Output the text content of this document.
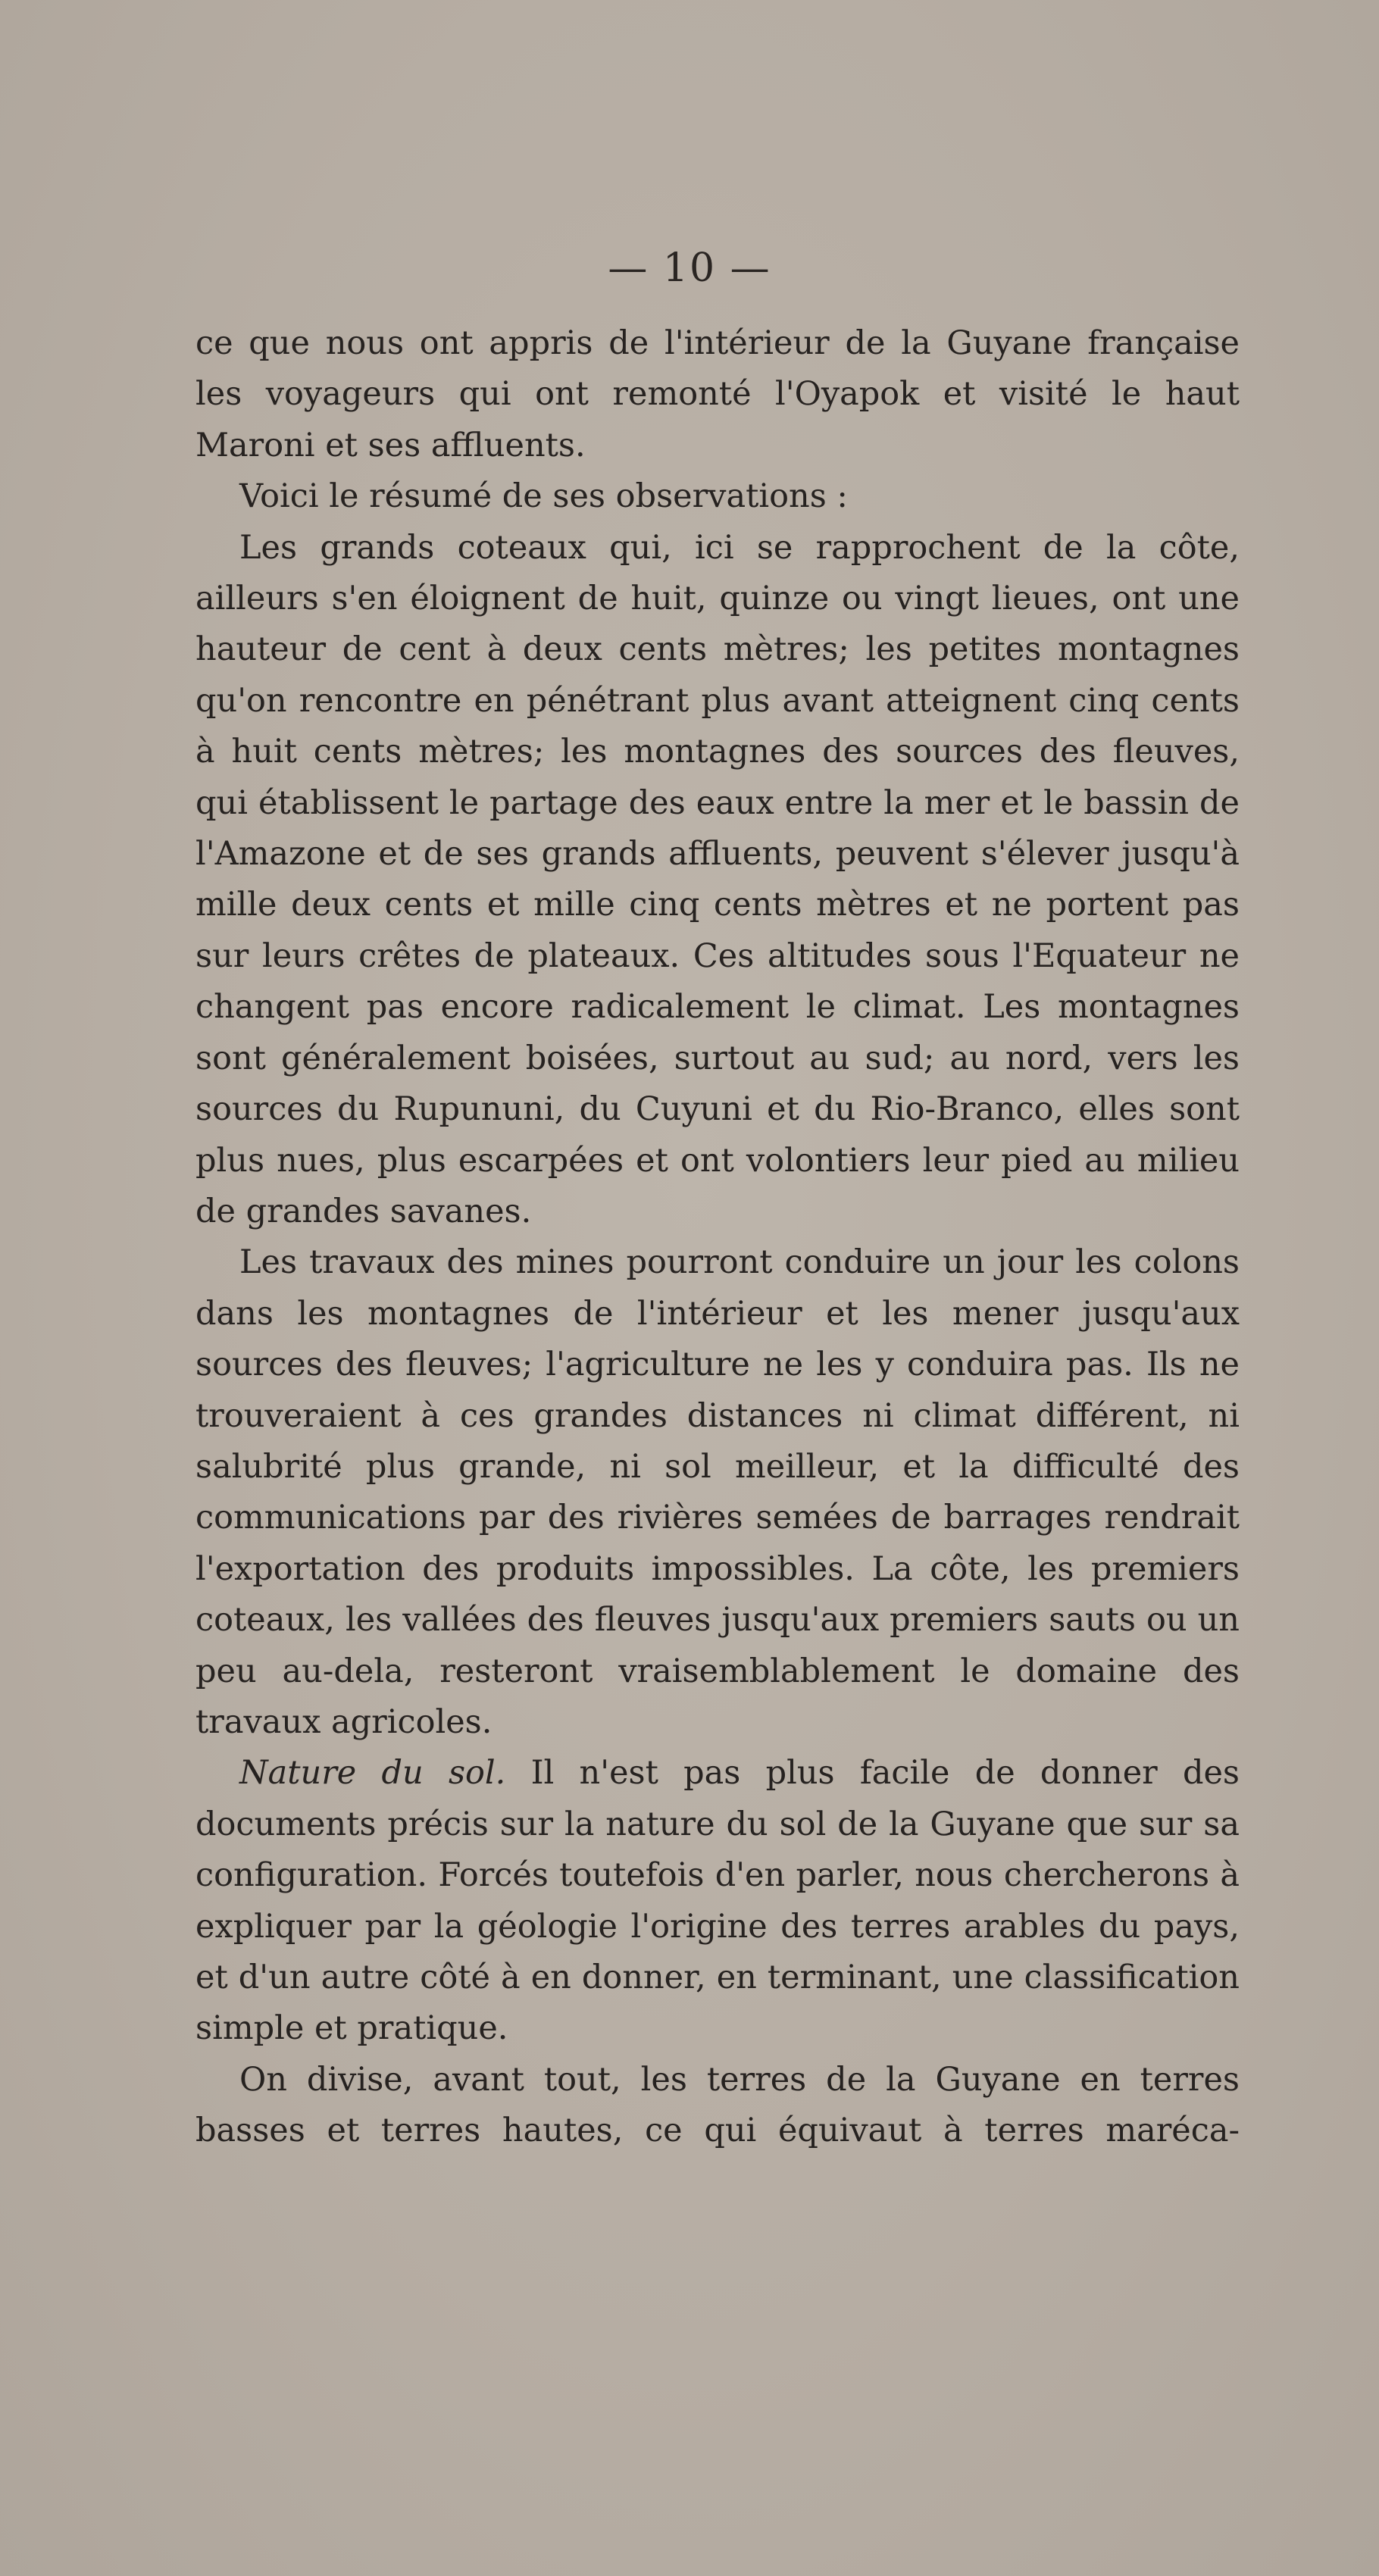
— 10 —

ce que nous ont appris de l'intérieur de la Guyane française les voyageurs qui ont remonté l'Oyapok et visité le haut Maroni et ses affluents.

Voici le résumé de ses observations :

Les grands coteaux qui, ici se rapprochent de la côte, ailleurs s'en éloignent de huit, quinze ou vingt lieues, ont une hauteur de cent à deux cents mètres; les petites montagnes qu'on rencontre en pénétrant plus avant atteignent cinq cents à huit cents mètres; les montagnes des sources des fleuves, qui établissent le partage des eaux entre la mer et le bassin de l'Amazone et de ses grands affluents, peuvent s'élever jusqu'à mille deux cents et mille cinq cents mètres et ne portent pas sur leurs crêtes de plateaux. Ces altitudes sous l'Equateur ne changent pas encore radicalement le climat. Les montagnes sont généralement boisées, surtout au sud; au nord, vers les sources du Rupununi, du Cuyuni et du Rio-Branco, elles sont plus nues, plus escarpées et ont volontiers leur pied au milieu de grandes savanes.

Les travaux des mines pourront conduire un jour les colons dans les montagnes de l'intérieur et les mener jusqu'aux sources des fleuves; l'agriculture ne les y conduira pas. Ils ne trouveraient à ces grandes distances ni climat différent, ni salubrité plus grande, ni sol meilleur, et la difficulté des communications par des rivières semées de barrages rendrait l'exportation des produits impossibles. La côte, les premiers coteaux, les vallées des fleuves jusqu'aux premiers sauts ou un peu au-dela, resteront vraisemblablement le domaine des travaux agricoles.

Nature du sol. Il n'est pas plus facile de donner des documents précis sur la nature du sol de la Guyane que sur sa configuration. Forcés toutefois d'en parler, nous chercherons à expliquer par la géologie l'origine des terres arables du pays, et d'un autre côté à en donner, en terminant, une classification simple et pratique.

On divise, avant tout, les terres de la Guyane en terres basses et terres hautes, ce qui équivaut à terres maréca-
